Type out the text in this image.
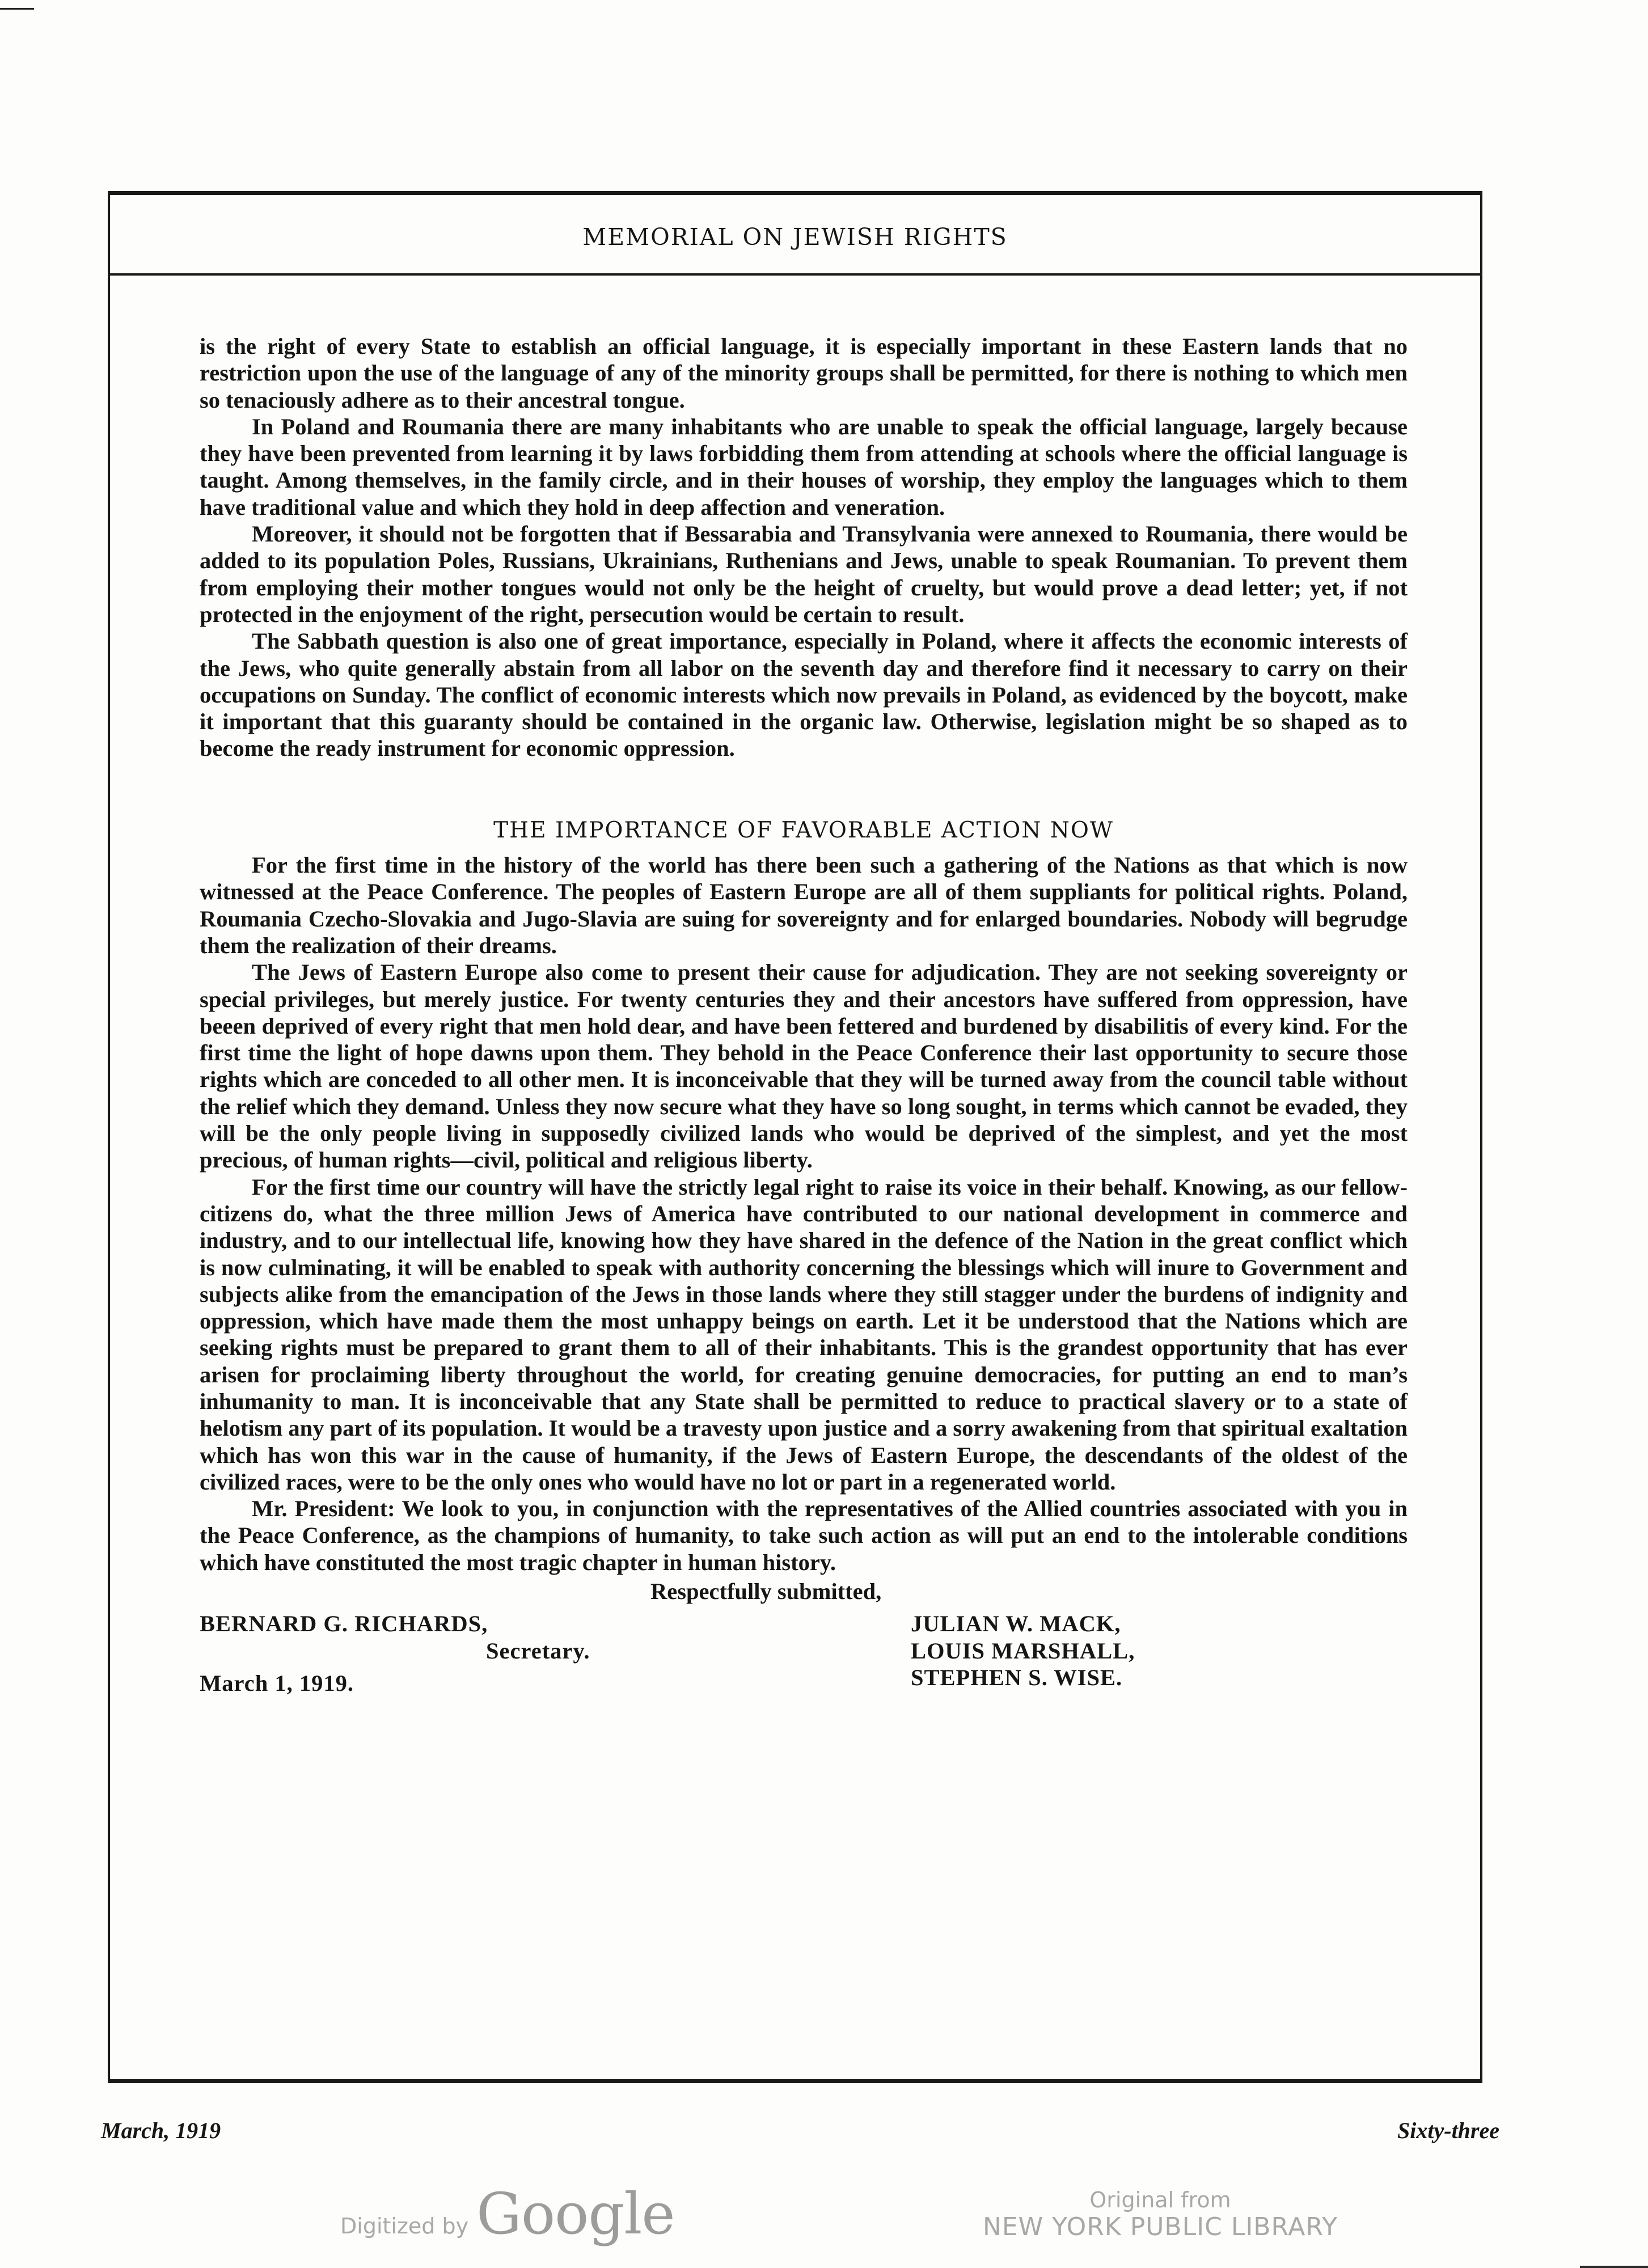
MEMORIAL ON JEWISH RIGHTS

is the right of every State to establish an official language, it is especially important in these Eastern lands that no restriction upon the use of the language of any of the minority groups shall be permitted, for there is nothing to which men so tenaciously adhere as to their ancestral tongue.

In Poland and Roumania there are many inhabitants who are unable to speak the official language, largely because they have been prevented from learning it by laws forbidding them from attending at schools where the official language is taught. Among themselves, in the family circle, and in their houses of worship, they employ the languages which to them have traditional value and which they hold in deep affection and veneration.

Moreover, it should not be forgotten that if Bessarabia and Transylvania were annexed to Roumania, there would be added to its population Poles, Russians, Ukrainians, Ruthenians and Jews, unable to speak Roumanian. To prevent them from employing their mother tongues would not only be the height of cruelty, but would prove a dead letter; yet, if not protected in the enjoyment of the right, persecution would be certain to result.

The Sabbath question is also one of great importance, especially in Poland, where it affects the economic interests of the Jews, who quite generally abstain from all labor on the seventh day and therefore find it necessary to carry on their occupations on Sunday. The conflict of economic interests which now prevails in Poland, as evidenced by the boycott, make it important that this guaranty should be contained in the organic law. Otherwise, legislation might be so shaped as to become the ready instrument for economic oppression.

THE IMPORTANCE OF FAVORABLE ACTION NOW

For the first time in the history of the world has there been such a gathering of the Nations as that which is now witnessed at the Peace Conference. The peoples of Eastern Europe are all of them suppliants for political rights. Poland, Roumania Czecho-Slovakia and Jugo-Slavia are suing for sovereignty and for enlarged boundaries. Nobody will begrudge them the realization of their dreams.

The Jews of Eastern Europe also come to present their cause for adjudication. They are not seeking sovereignty or special privileges, but merely justice. For twenty centuries they and their ancestors have suffered from oppression, have beeen deprived of every right that men hold dear, and have been fettered and burdened by disabilitis of every kind. For the first time the light of hope dawns upon them. They behold in the Peace Conference their last opportunity to secure those rights which are conceded to all other men. It is inconceivable that they will be turned away from the council table without the relief which they demand. Unless they now secure what they have so long sought, in terms which cannot be evaded, they will be the only people living in supposedly civilized lands who would be deprived of the simplest, and yet the most precious, of human rights—civil, political and religious liberty.

For the first time our country will have the strictly legal right to raise its voice in their behalf. Knowing, as our fellow-citizens do, what the three million Jews of America have contributed to our national development in commerce and industry, and to our intellectual life, knowing how they have shared in the defence of the Nation in the great conflict which is now culminating, it will be enabled to speak with authority concerning the blessings which will inure to Government and subjects alike from the emancipation of the Jews in those lands where they still stagger under the burdens of indignity and oppression, which have made them the most unhappy beings on earth. Let it be understood that the Nations which are seeking rights must be prepared to grant them to all of their inhabitants. This is the grandest opportunity that has ever arisen for proclaiming liberty throughout the world, for creating genuine democracies, for putting an end to man’s inhumanity to man. It is inconceivable that any State shall be permitted to reduce to practical slavery or to a state of helotism any part of its population. It would be a travesty upon justice and a sorry awakening from that spiritual exaltation which has won this war in the cause of humanity, if the Jews of Eastern Europe, the descendants of the oldest of the civilized races, were to be the only ones who would have no lot or part in a regenerated world.

Mr. President: We look to you, in conjunction with the representatives of the Allied countries associated with you in the Peace Conference, as the champions of humanity, to take such action as will put an end to the intolerable conditions which have constituted the most tragic chapter in human history.

Respectfully submitted,
BERNARD G. RICHARDS,
Secretary.
March 1, 1919.
JULIAN W. MACK,
LOUIS MARSHALL,
STEPHEN S. WISE.
March, 1919	Sixty-three
Digitized by Google	Original from
NEW YORK PUBLIC LIBRARY
